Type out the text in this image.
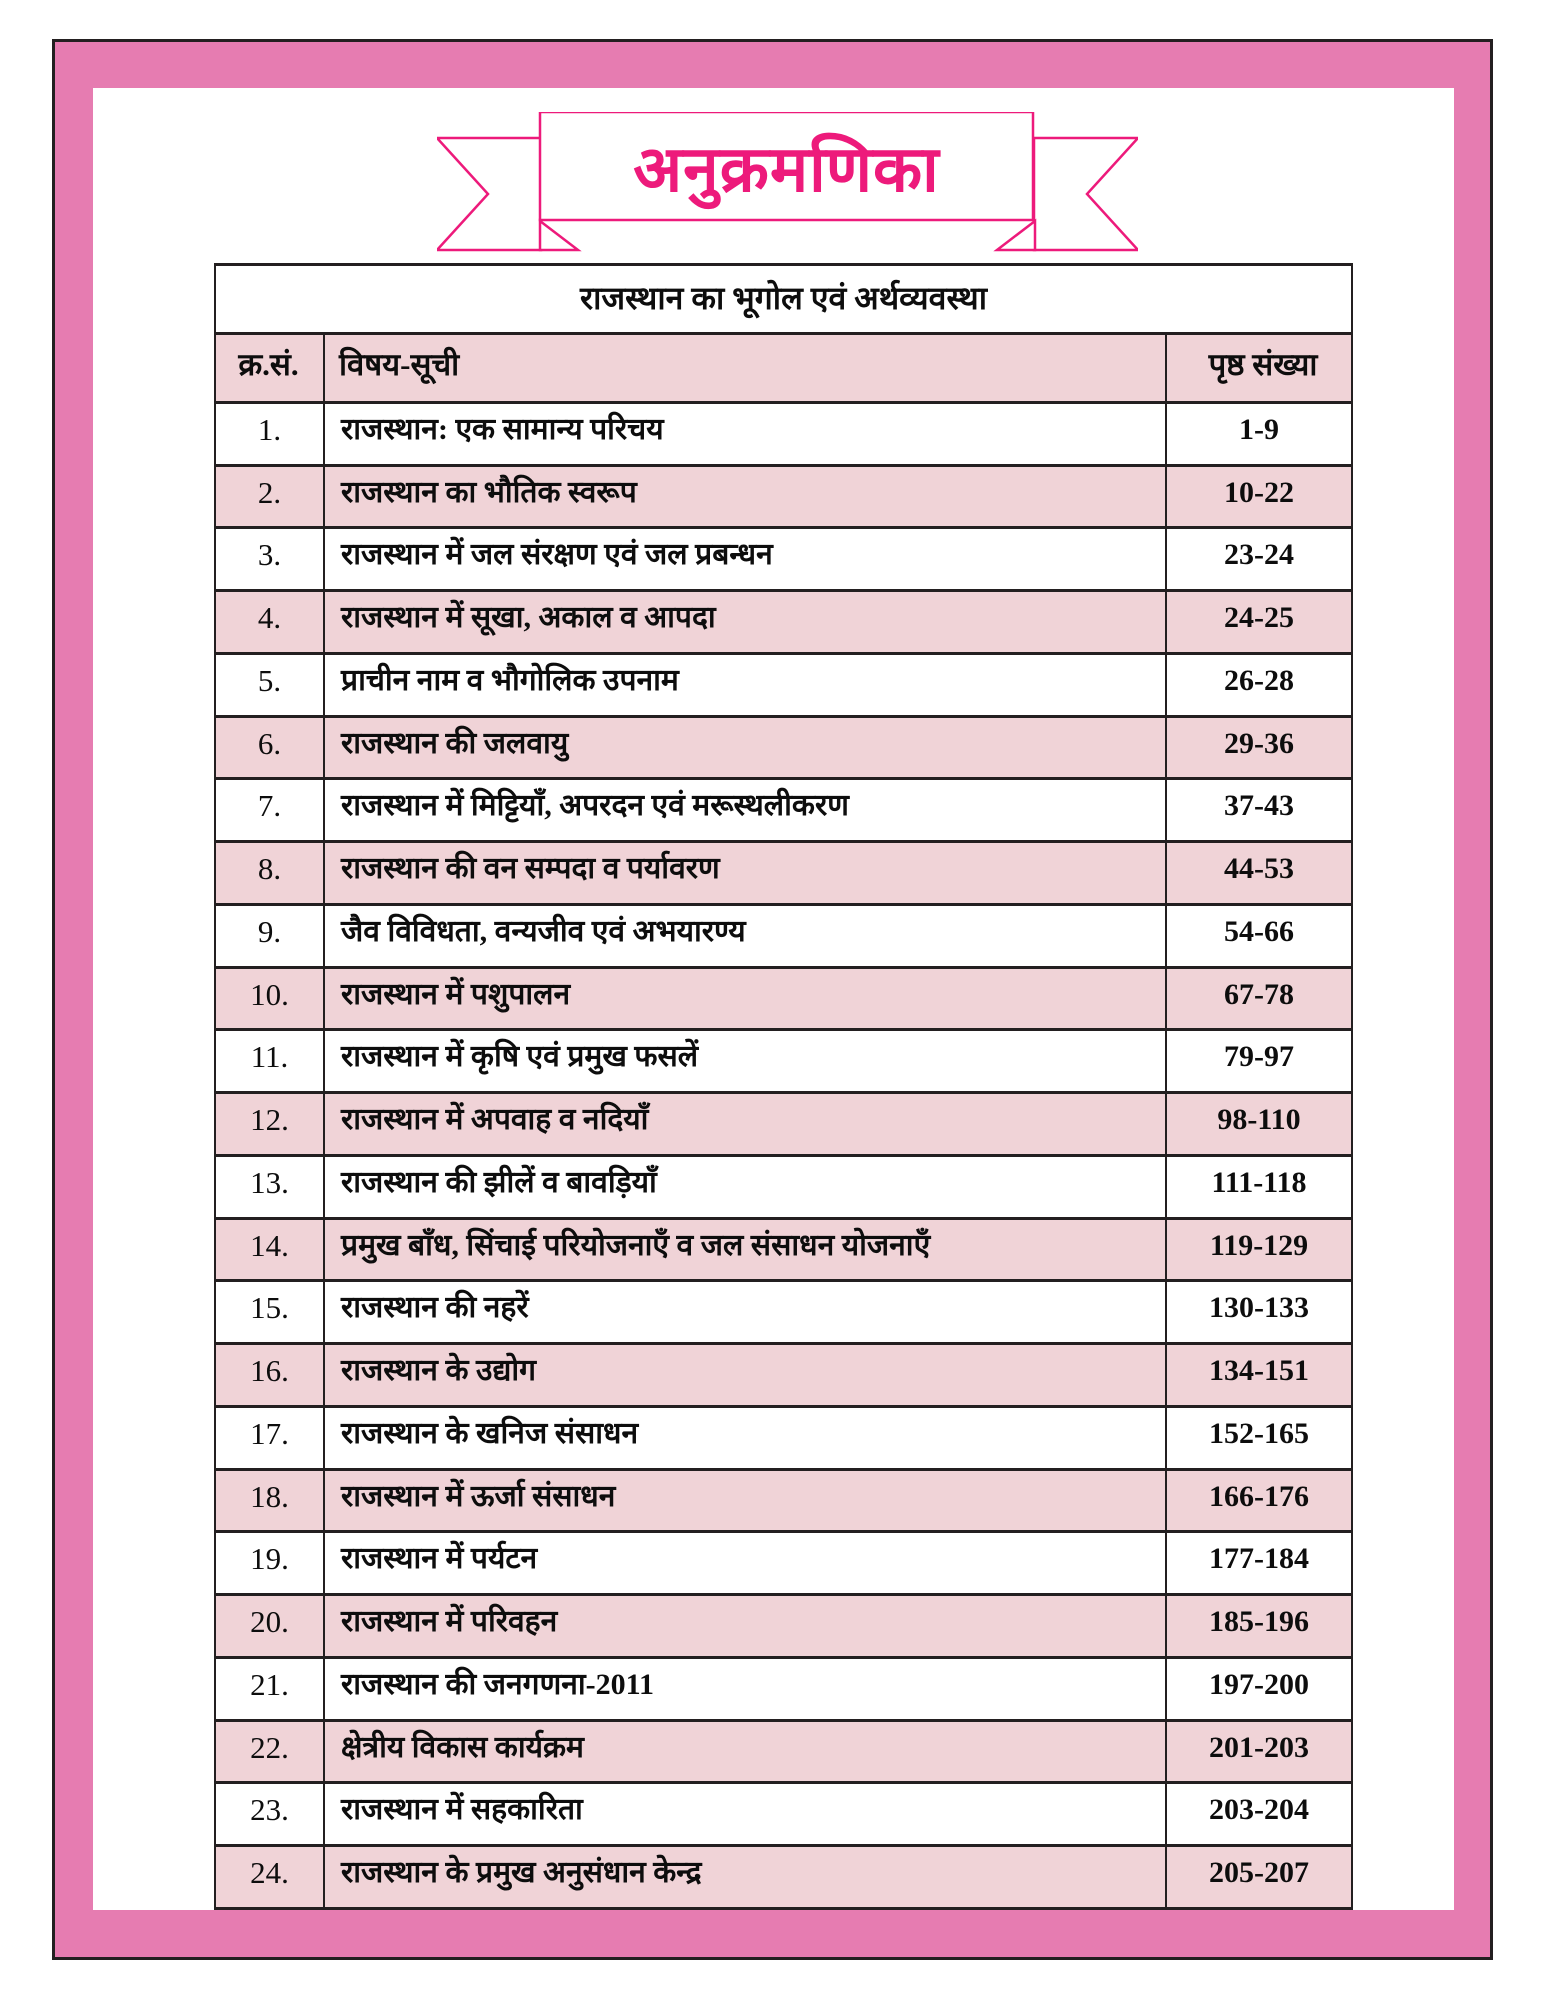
अनुक्रमणिका
राजस्थान का भूगोल एवं अर्थव्यवस्था		
क्र.सं.	विषय-सूची	पृष्ठ संख्या
1.	राजस्थान: एक सामान्य परिचय	1-9
2.	राजस्थान का भौतिक स्वरूप	10-22
3.	राजस्थान में जल संरक्षण एवं जल प्रबन्धन	23-24
4.	राजस्थान में सूखा, अकाल व आपदा	24-25
5.	प्राचीन नाम व भौगोलिक उपनाम	26-28
6.	राजस्थान की जलवायु	29-36
7.	राजस्थान में मिट्टियाँ, अपरदन एवं मरूस्थलीकरण	37-43
8.	राजस्थान की वन सम्पदा व पर्यावरण	44-53
9.	जैव विविधता, वन्यजीव एवं अभयारण्य	54-66
10.	राजस्थान में पशुपालन	67-78
11.	राजस्थान में कृषि एवं प्रमुख फसलें	79-97
12.	राजस्थान में अपवाह व नदियाँ	98-110
13.	राजस्थान की झीलें व बावड़ियाँ	111-118
14.	प्रमुख बाँध, सिंचाई परियोजनाएँ व जल संसाधन योजनाएँ	119-129
15.	राजस्थान की नहरें	130-133
16.	राजस्थान के उद्योग	134-151
17.	राजस्थान के खनिज संसाधन	152-165
18.	राजस्थान में ऊर्जा संसाधन	166-176
19.	राजस्थान में पर्यटन	177-184
20.	राजस्थान में परिवहन	185-196
21.	राजस्थान की जनगणना-2011	197-200
22.	क्षेत्रीय विकास कार्यक्रम	201-203
23.	राजस्थान में सहकारिता	203-204
24.	राजस्थान के प्रमुख अनुसंधान केन्द्र	205-207
